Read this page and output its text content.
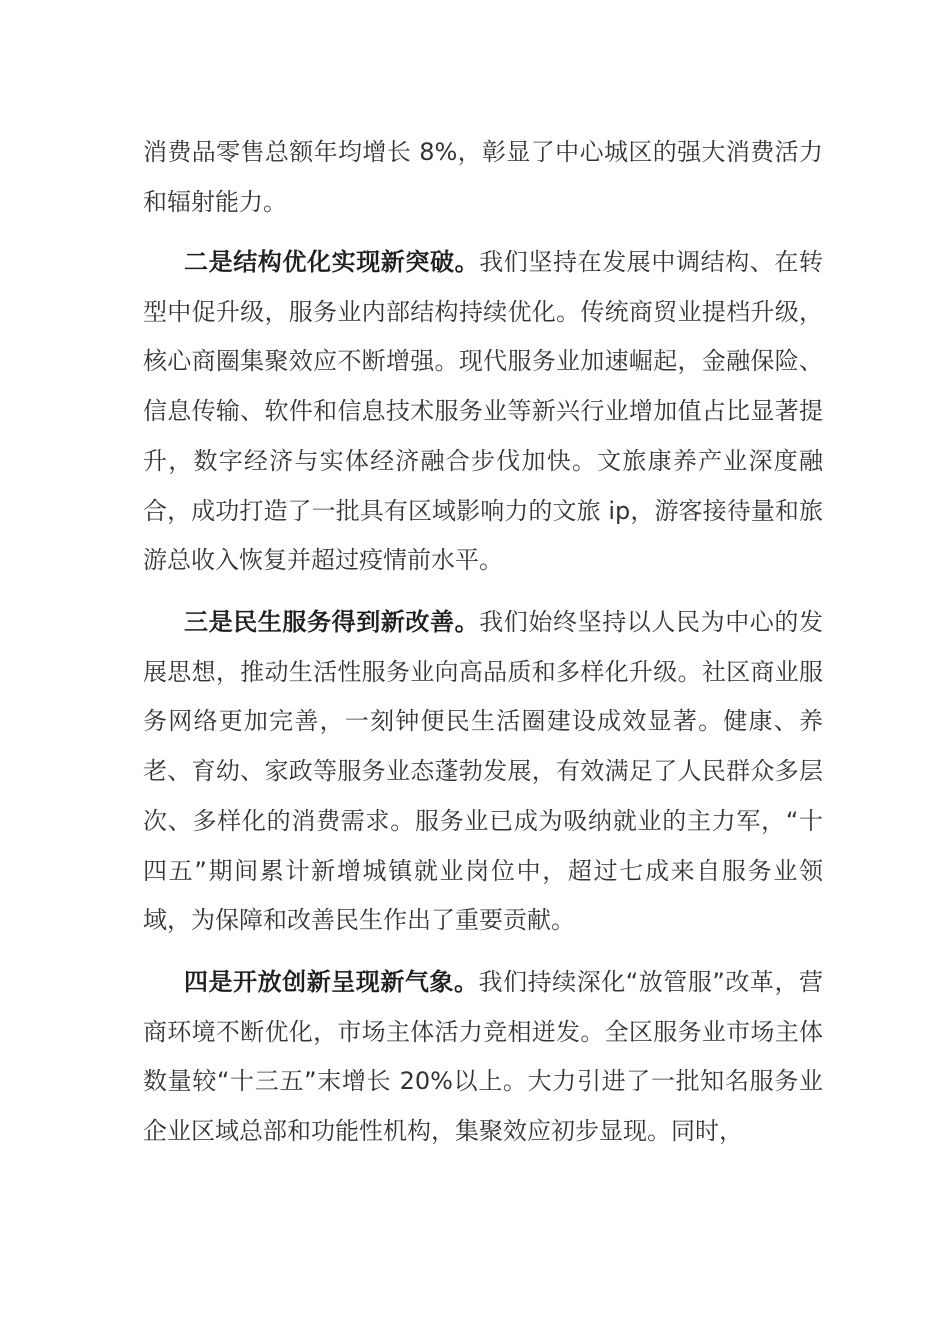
消费品零售总额年均增长 8%，彰显了中心城区的强大消费活力和辐射能力。

二是结构优化实现新突破。我们坚持在发展中调结构、在转型中促升级，服务业内部结构持续优化。传统商贸业提档升级，核心商圈集聚效应不断增强。现代服务业加速崛起，金融保险、信息传输、软件和信息技术服务业等新兴行业增加值占比显著提升，数字经济与实体经济融合步伐加快。文旅康养产业深度融合，成功打造了一批具有区域影响力的文旅 ip，游客接待量和旅游总收入恢复并超过疫情前水平。

三是民生服务得到新改善。我们始终坚持以人民为中心的发展思想，推动生活性服务业向高品质和多样化升级。社区商业服务网络更加完善，一刻钟便民生活圈建设成效显著。健康、养老、育幼、家政等服务业态蓬勃发展，有效满足了人民群众多层次、多样化的消费需求。服务业已成为吸纳就业的主力军，“十四五”期间累计新增城镇就业岗位中，超过七成来自服务业领域，为保障和改善民生作出了重要贡献。

四是开放创新呈现新气象。我们持续深化“放管服”改革，营商环境不断优化，市场主体活力竞相迸发。全区服务业市场主体数量较“十三五”末增长 20%以上。大力引进了一批知名服务业企业区域总部和功能性机构，集聚效应初步显现。同时，
